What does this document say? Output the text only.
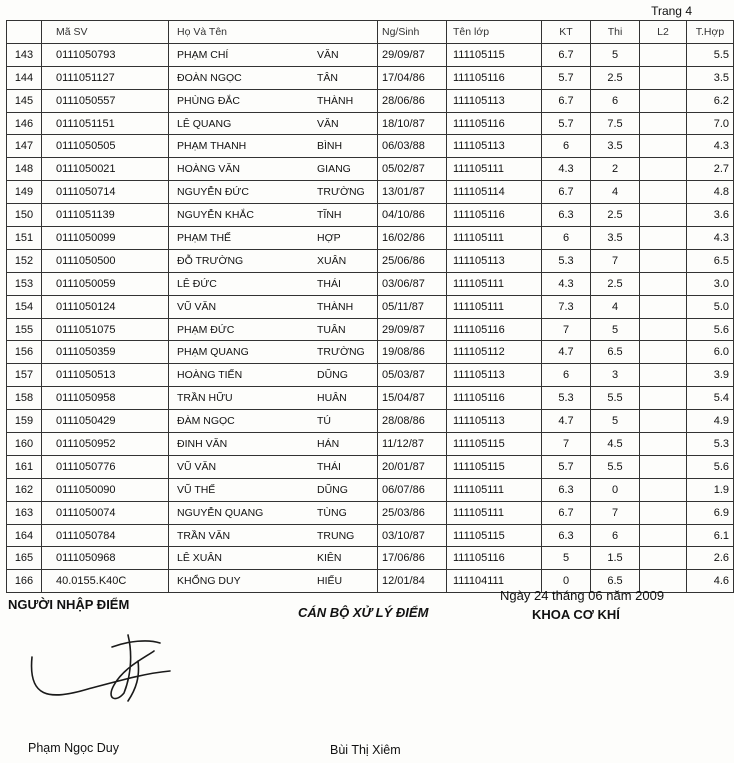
Trang 4
	Mã SV	Họ Và Tên		Ng/Sinh	Tên lớp	KT	Thi	L2	T.Hợp
143	0111050793	PHẠM CHÍ	VĂN	29/09/87	111105115	6.7	5		5.5
144	0111051127	ĐOÀN NGỌC	TÂN	17/04/86	111105116	5.7	2.5		3.5
145	0111050557	PHÙNG ĐẮC	THÀNH	28/06/86	111105113	6.7	6		6.2
146	0111051151	LÊ QUANG	VĂN	18/10/87	111105116	5.7	7.5		7.0
147	0111050505	PHẠM THANH	BÌNH	06/03/88	111105113	6	3.5		4.3
148	0111050021	HOÀNG VĂN	GIANG	05/02/87	111105111	4.3	2		2.7
149	0111050714	NGUYỄN ĐỨC	TRƯỜNG	13/01/87	111105114	6.7	4		4.8
150	0111051139	NGUYỄN KHẮC	TĨNH	04/10/86	111105116	6.3	2.5		3.6
151	0111050099	PHẠM THẾ	HỢP	16/02/86	111105111	6	3.5		4.3
152	0111050500	ĐỖ TRƯỜNG	XUÂN	25/06/86	111105113	5.3	7		6.5
153	0111050059	LÊ ĐỨC	THÁI	03/06/87	111105111	4.3	2.5		3.0
154	0111050124	VŨ VĂN	THÀNH	05/11/87	111105111	7.3	4		5.0
155	0111051075	PHẠM ĐỨC	TUÂN	29/09/87	111105116	7	5		5.6
156	0111050359	PHẠM QUANG	TRƯỜNG	19/08/86	111105112	4.7	6.5		6.0
157	0111050513	HOÀNG TIẾN	DŨNG	05/03/87	111105113	6	3		3.9
158	0111050958	TRẦN HỮU	HUÂN	15/04/87	111105116	5.3	5.5		5.4
159	0111050429	ĐÀM NGỌC	TÚ	28/08/86	111105113	4.7	5		4.9
160	0111050952	ĐINH VĂN	HÁN	11/12/87	111105115	7	4.5		5.3
161	0111050776	VŨ VĂN	THÁI	20/01/87	111105115	5.7	5.5		5.6
162	0111050090	VŨ THẾ	DŨNG	06/07/86	111105111	6.3	0		1.9
163	0111050074	NGUYỄN QUANG	TÙNG	25/03/86	111105111	6.7	7		6.9
164	0111050784	TRẦN VĂN	TRUNG	03/10/87	111105115	6.3	6		6.1
165	0111050968	LÊ XUÂN	KIÊN	17/06/86	111105116	5	1.5		2.6
166	40.0155.K40C	KHỔNG DUY	HIẾU	12/01/84	111104111	0	6.5		4.6
NGƯỜI NHẬP ĐIỂM
CÁN BỘ XỬ LÝ ĐIỂM
Ngày 24 tháng 06 năm 2009
KHOA CƠ KHÍ
Phạm Ngọc Duy	Bùi Thị Xiêm
